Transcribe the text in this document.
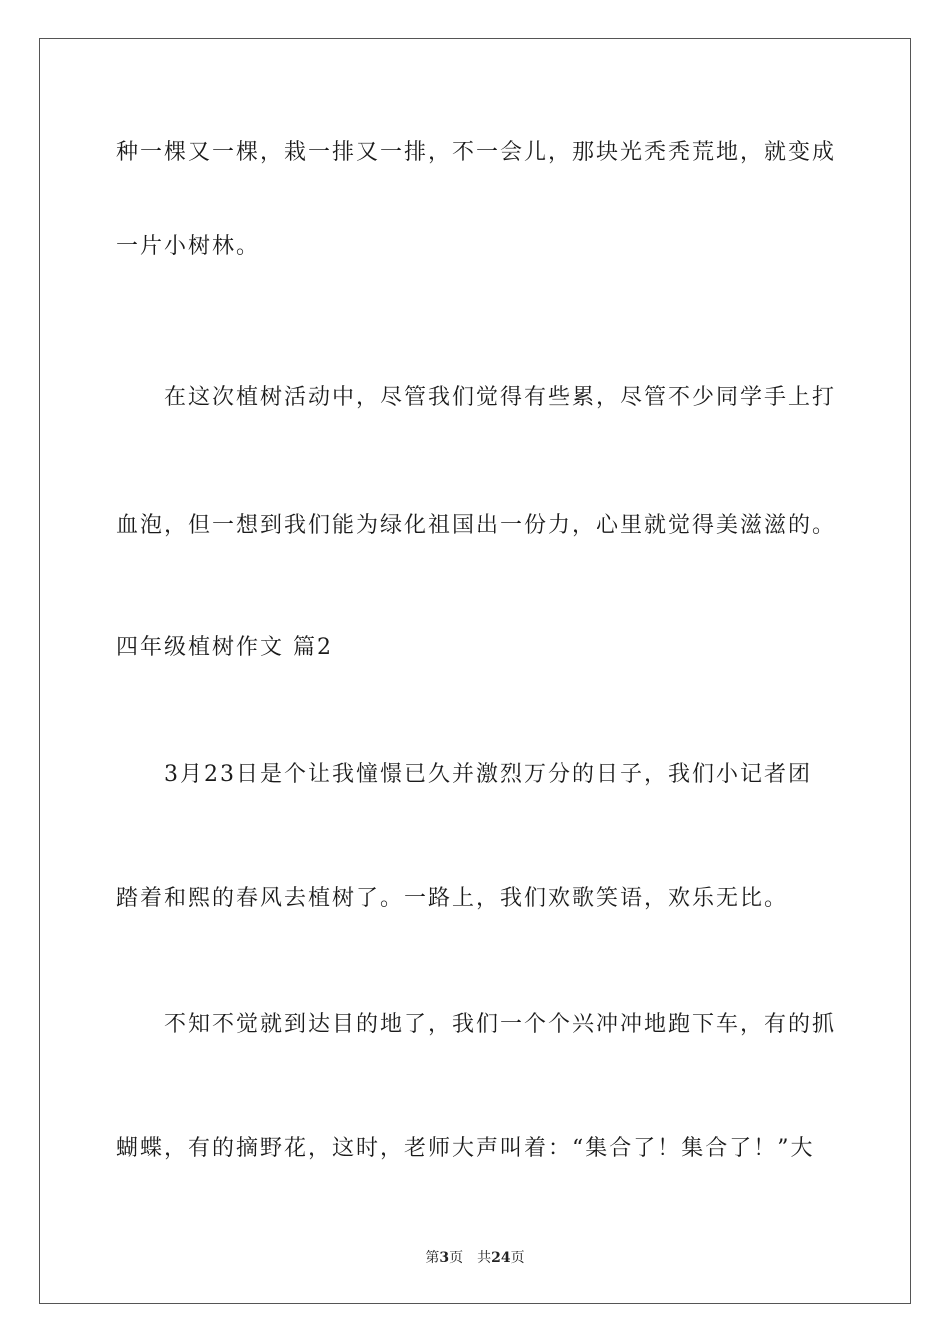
种一棵又一棵，栽一排又一排，不一会儿，那块光秃秃荒地，就变成
一片小树林。
在这次植树活动中，尽管我们觉得有些累，尽管不少同学手上打
血泡，但一想到我们能为绿化祖国出一份力，心里就觉得美滋滋的。
四年级植树作文 篇2
3月23日是个让我憧憬已久并激烈万分的日子，我们小记者团
踏着和熙的春风去植树了。一路上，我们欢歌笑语，欢乐无比。
不知不觉就到达目的地了，我们一个个兴冲冲地跑下车，有的抓
蝴蝶，有的摘野花，这时，老师大声叫着：“集合了！集合了！”大
第3页 共24页
